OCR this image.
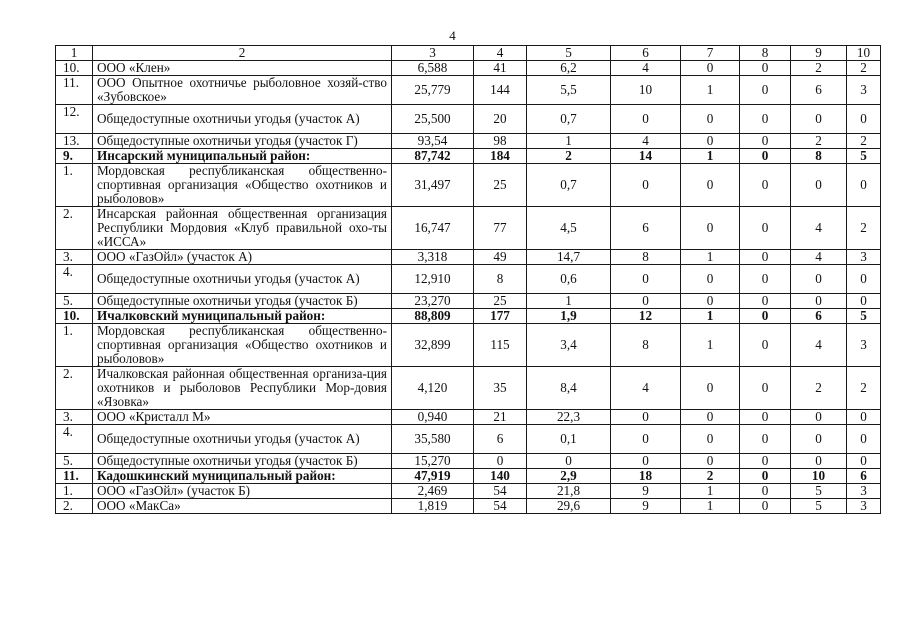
4
1	2	3	4	5	6	7	8	9	10
10.	ООО «Клен»	6,588	41	6,2	4	0	0	2	2
11.	ООО Опытное охотничье рыболовное хозяй-ство «Зубовское»	25,779	144	5,5	10	1	0	6	3
12.	Общедоступные охотничьи угодья (участок А)	25,500	20	0,7	0	0	0	0	0
13.	Общедоступные охотничьи угодья (участок Г)	93,54	98	1	4	0	0	2	2
9.	Инсарский муниципальный район:	87,742	184	2	14	1	0	8	5
1.	Мордовская республиканская общественно-спортивная организация «Общество охотников и рыболовов»	31,497	25	0,7	0	0	0	0	0
2.	Инсарская районная общественная организация Республики Мордовия «Клуб правильной охо-ты «ИССА»	16,747	77	4,5	6	0	0	4	2
3.	ООО «ГазОйл» (участок А)	3,318	49	14,7	8	1	0	4	3
4.	Общедоступные охотничьи угодья (участок А)	12,910	8	0,6	0	0	0	0	0
5.	Общедоступные охотничьи угодья (участок Б)	23,270	25	1	0	0	0	0	0
10.	Ичалковский муниципальный район:	88,809	177	1,9	12	1	0	6	5
1.	Мордовская республиканская общественно-спортивная организация «Общество охотников и рыболовов»	32,899	115	3,4	8	1	0	4	3
2.	Ичалковская районная общественная организа-ция охотников и рыболовов Республики Мор-довия «Язовка»	4,120	35	8,4	4	0	0	2	2
3.	ООО «Кристалл М»	0,940	21	22,3	0	0	0	0	0
4.	Общедоступные охотничьи угодья (участок А)	35,580	6	0,1	0	0	0	0	0
5.	Общедоступные охотничьи угодья (участок Б)	15,270	0	0	0	0	0	0	0
11.	Кадошкинский муниципальный район:	47,919	140	2,9	18	2	0	10	6
1.	ООО «ГазОйл» (участок Б)	2,469	54	21,8	9	1	0	5	3
2.	ООО «МакСа»	1,819	54	29,6	9	1	0	5	3
